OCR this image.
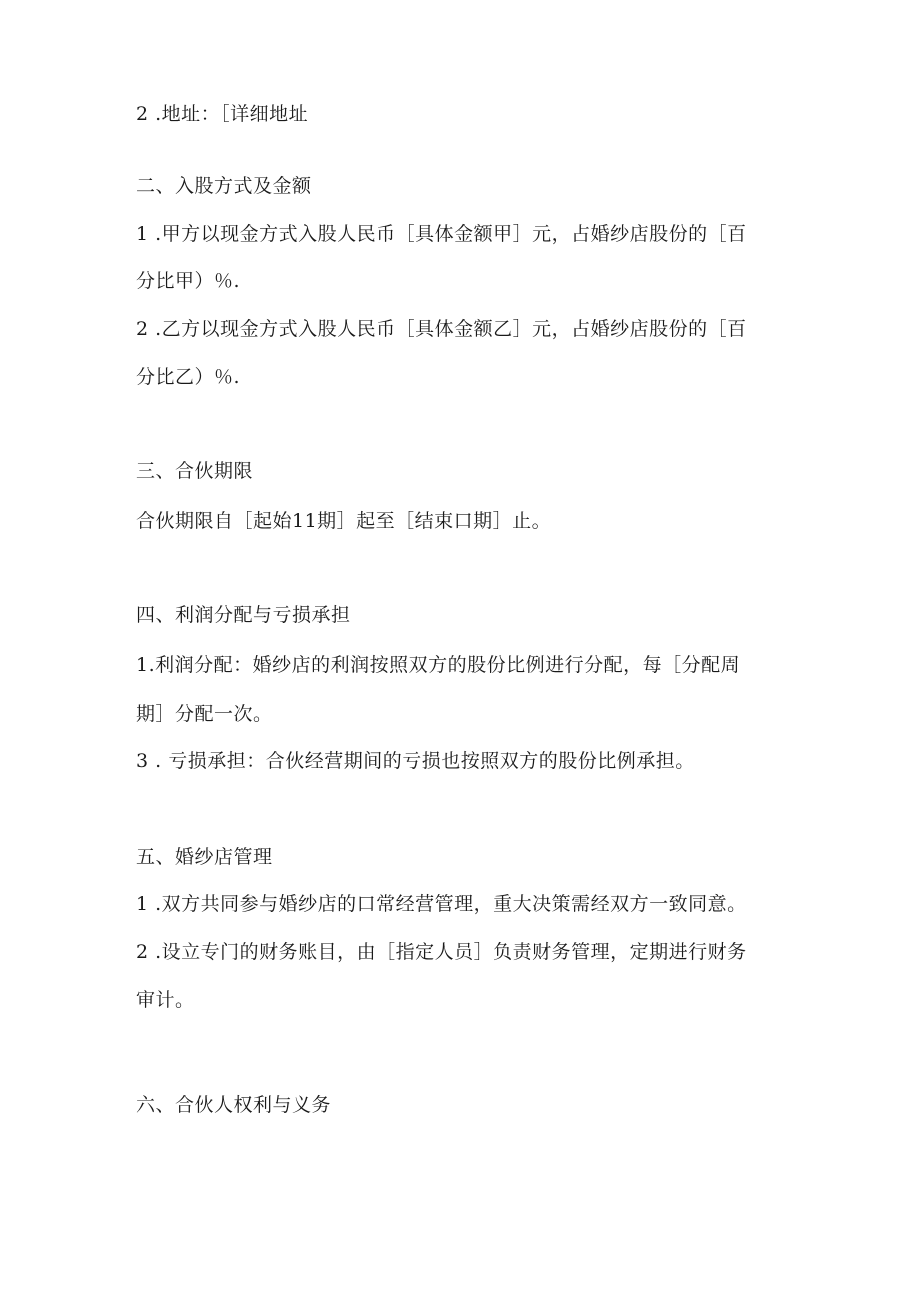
2 .地址：［详细地址
二、入股方式及金额
1 .甲方以现金方式入股人民币［具体金额甲］元，占婚纱店股份的［百
分比甲）％.
2 .乙方以现金方式入股人民币［具体金额乙］元，占婚纱店股份的［百
分比乙）％.
三、合伙期限
合伙期限自［起始11期］起至［结束口期］止。
四、利润分配与亏损承担
1.利润分配：婚纱店的利润按照双方的股份比例进行分配，每［分配周
期］分配一次。
3 . 亏损承担：合伙经营期间的亏损也按照双方的股份比例承担。
五、婚纱店管理
1 .双方共同参与婚纱店的口常经营管理，重大决策需经双方一致同意。
2 .设立专门的财务账目，由［指定人员］负责财务管理，定期进行财务
审计。
六、合伙人权利与义务
